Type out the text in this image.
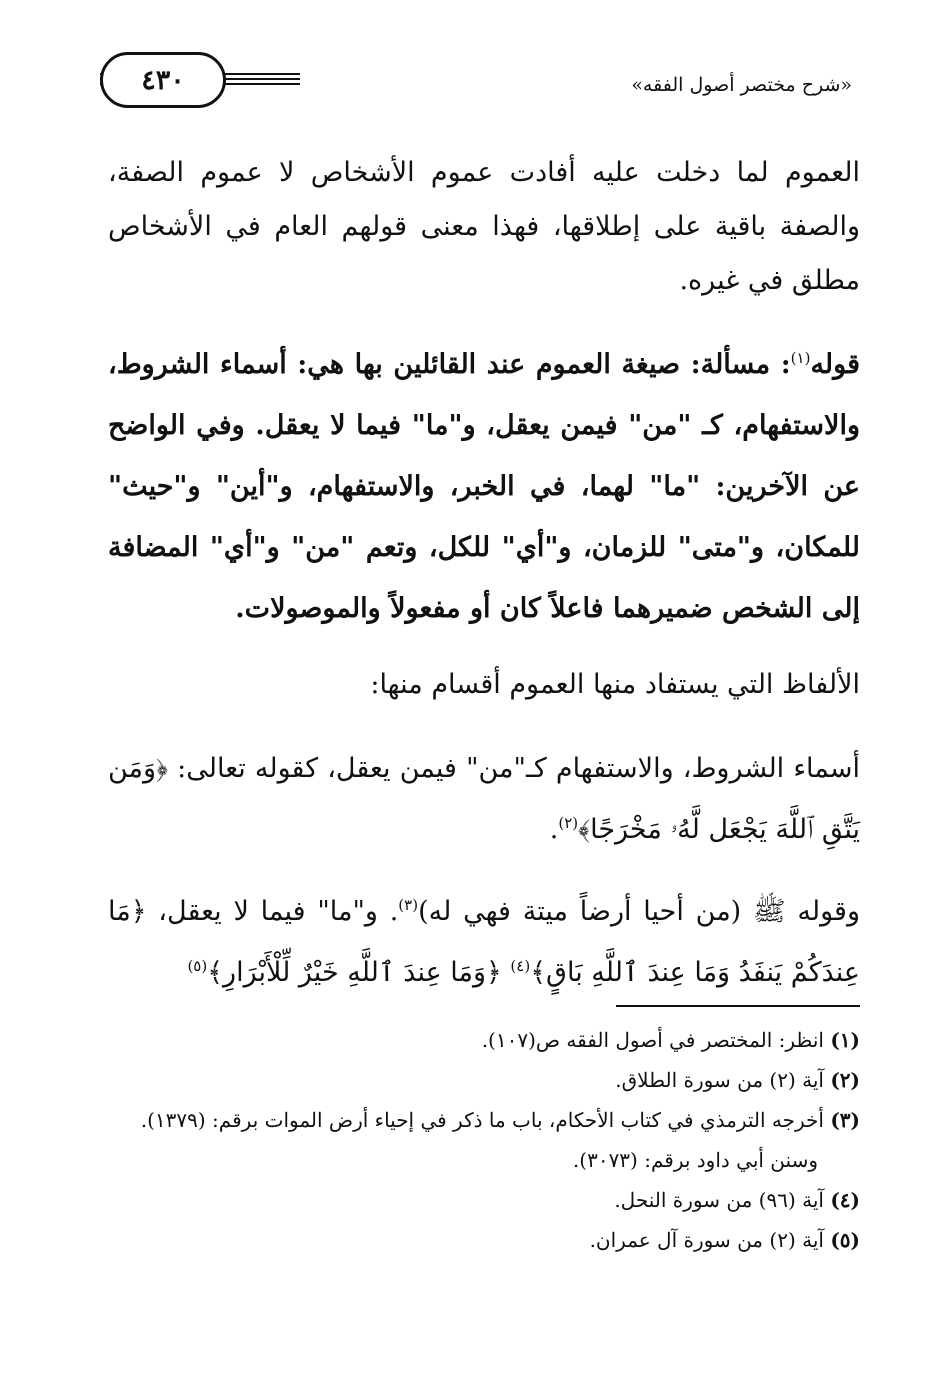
«شرح مختصر أصول الفقه»
٤٣٠
العموم لما دخلت عليه أفادت عموم الأشخاص لا عموم الصفة، والصفة باقية على إطلاقها، فهذا معنى قولهم العام في الأشخاص مطلق في غيره.
قوله$^{(١)}$: مسألة: صيغة العموم عند القائلين بها هي: أسماء الشروط، والاستفهام، كـ "من" فيمن يعقل، و"ما" فيما لا يعقل. وفي الواضح عن الآخرين: "ما" لهما، في الخبر، والاستفهام، و"أين" و"حيث" للمكان، و"متى" للزمان، و"أي" للكل، وتعم "من" و"أي" المضافة إلى الشخص ضميرهما فاعلاً كان أو مفعولاً والموصولات.
الألفاظ التي يستفاد منها العموم أقسام منها:
أسماء الشروط، والاستفهام كـ"من" فيمن يعقل، كقوله تعالى: ﴿وَمَن يَتَّقِ ٱللَّهَ يَجْعَل لَّهُۥ مَخْرَجًا﴾$^{(٢)}$.
وقوله ﷺ (من أحيا أرضاً ميتة فهي له)$^{(٣)}$. و"ما" فيما لا يعقل، ﴿مَا عِندَكُمْ يَنفَدُ وَمَا عِندَ ٱللَّهِ بَاقٍ﴾$^{(٤)}$ ﴿وَمَا عِندَ ٱللَّهِ خَيْرٌ لِّلْأَبْرَارِ﴾$^{(٥)}$
(١) انظر: المختصر في أصول الفقه ص(١٠٧).
(٢) آية (٢) من سورة الطلاق.
(٣) أخرجه الترمذي في كتاب الأحكام، باب ما ذكر في إحياء أرض الموات برقم: (١٣٧٩).
وسنن أبي داود برقم: (٣٠٧٣).
(٤) آية (٩٦) من سورة النحل.
(٥) آية (٢) من سورة آل عمران.
